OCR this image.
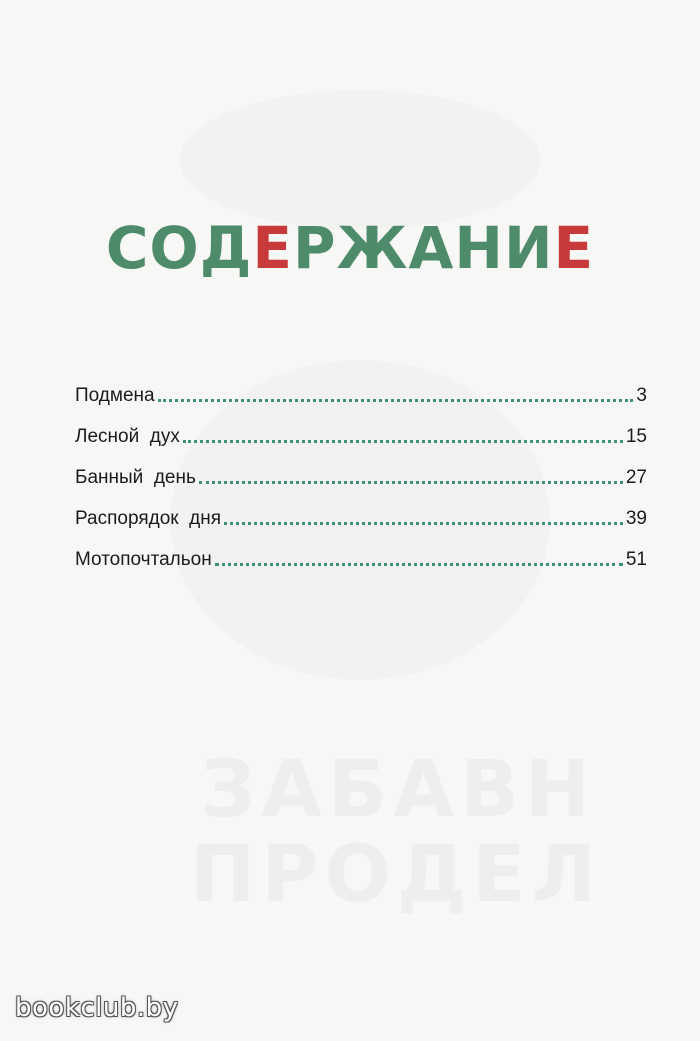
СОДЕРЖАНИЕ
Подмена	3
Лесной  дух	15
Банный  день	27
Распорядок  дня	39
Мотопочтальон	51
bookclub.by
